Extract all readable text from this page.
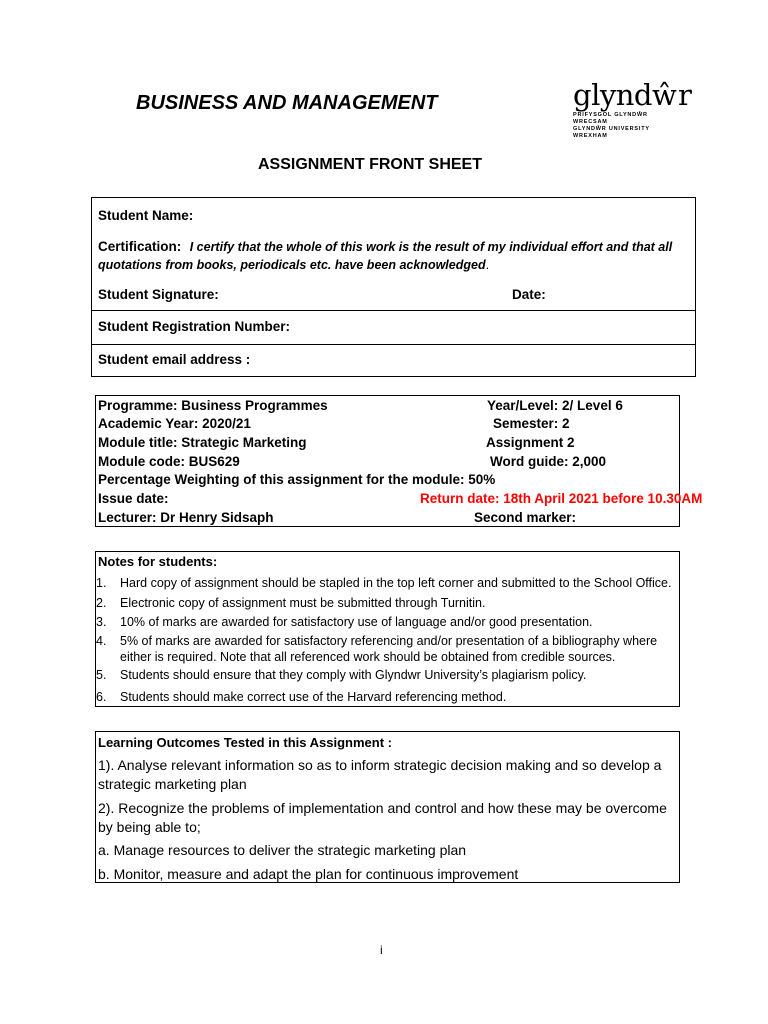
BUSINESS AND MANAGEMENT	glyndŵr
PRIFYSGOL GLYNDŴR WRECSAM
GLYNDŴR UNIVERSITY WREXHAM
ASSIGNMENT FRONT SHEET
Student Name:
Certification: I certify that the whole of this work is the result of my individual effort and that all
quotations from books, periodicals etc. have been acknowledged.
Student Signature:	Date:
Student Registration Number:
Student email address :
Programme: Business Programmes	Year/Level: 2/ Level 6
Academic Year: 2020/21	Semester: 2
Module title: Strategic Marketing	Assignment 2
Module code: BUS629	Word guide: 2,000
Percentage Weighting of this assignment for the module: 50%
Issue date:	Return date: 18th April 2021 before 10.30AM
Lecturer: Dr Henry Sidsaph	Second marker:
Notes for students:
1. Hard copy of assignment should be stapled in the top left corner and submitted to the School Office.
2. Electronic copy of assignment must be submitted through Turnitin.
3. 10% of marks are awarded for satisfactory use of language and/or good presentation.
4. 5% of marks are awarded for satisfactory referencing and/or presentation of a bibliography where either is required. Note that all referenced work should be obtained from credible sources.
5. Students should ensure that they comply with Glyndwr University’s plagiarism policy.
6. Students should make correct use of the Harvard referencing method.
Learning Outcomes Tested in this Assignment :
1). Analyse relevant information so as to inform strategic decision making and so develop a strategic marketing plan
2). Recognize the problems of implementation and control and how these may be overcome by being able to;
a. Manage resources to deliver the strategic marketing plan
b. Monitor, measure and adapt the plan for continuous improvement
i
